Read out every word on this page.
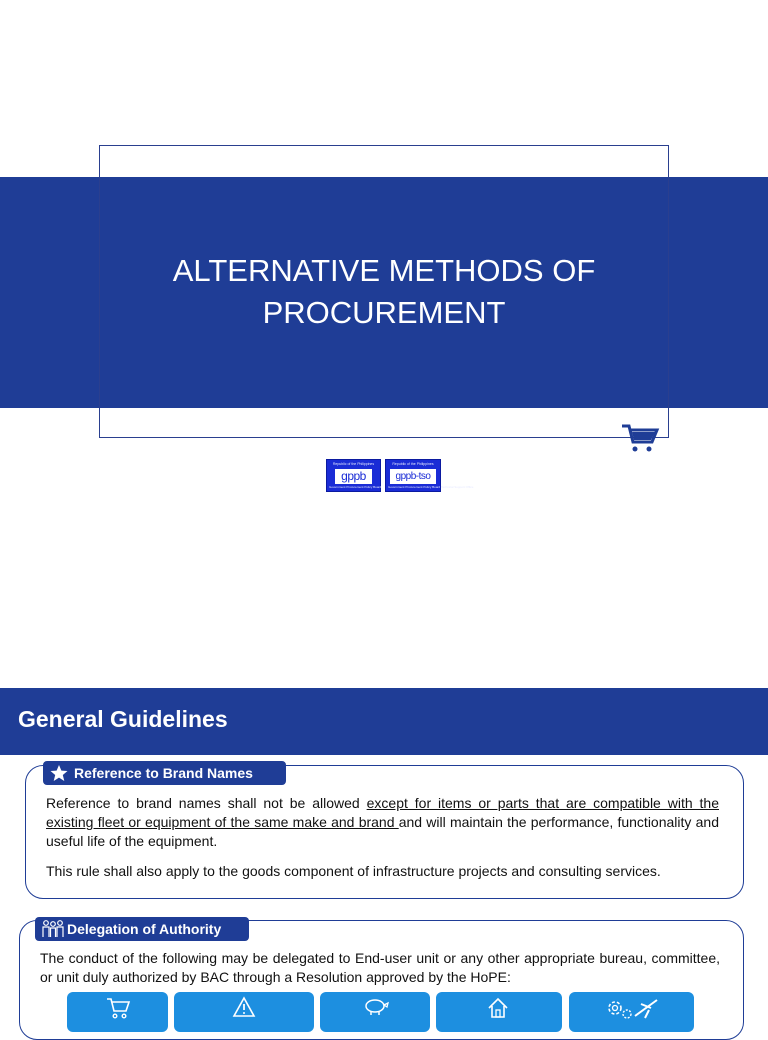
ALTERNATIVE METHODS OF
PROCUREMENT
Republic of the Philippines
gppb
Government Procurement Policy Board
Republic of the Philippines
gppb-tso
Government Procurement Policy Board Technical Support Office
General Guidelines
Reference to Brand Names
Reference to brand names shall not be allowed except for items or parts that are compatible with the existing fleet or equipment of the same make and brand and will maintain the performance, functionality and useful life of the equipment.
This rule shall also apply to the goods component of infrastructure projects and consulting services.
Delegation of Authority
The conduct of the following may be delegated to End-user unit or any other appropriate bureau, committee, or unit duly authorized by BAC through a Resolution approved by the HoPE:
